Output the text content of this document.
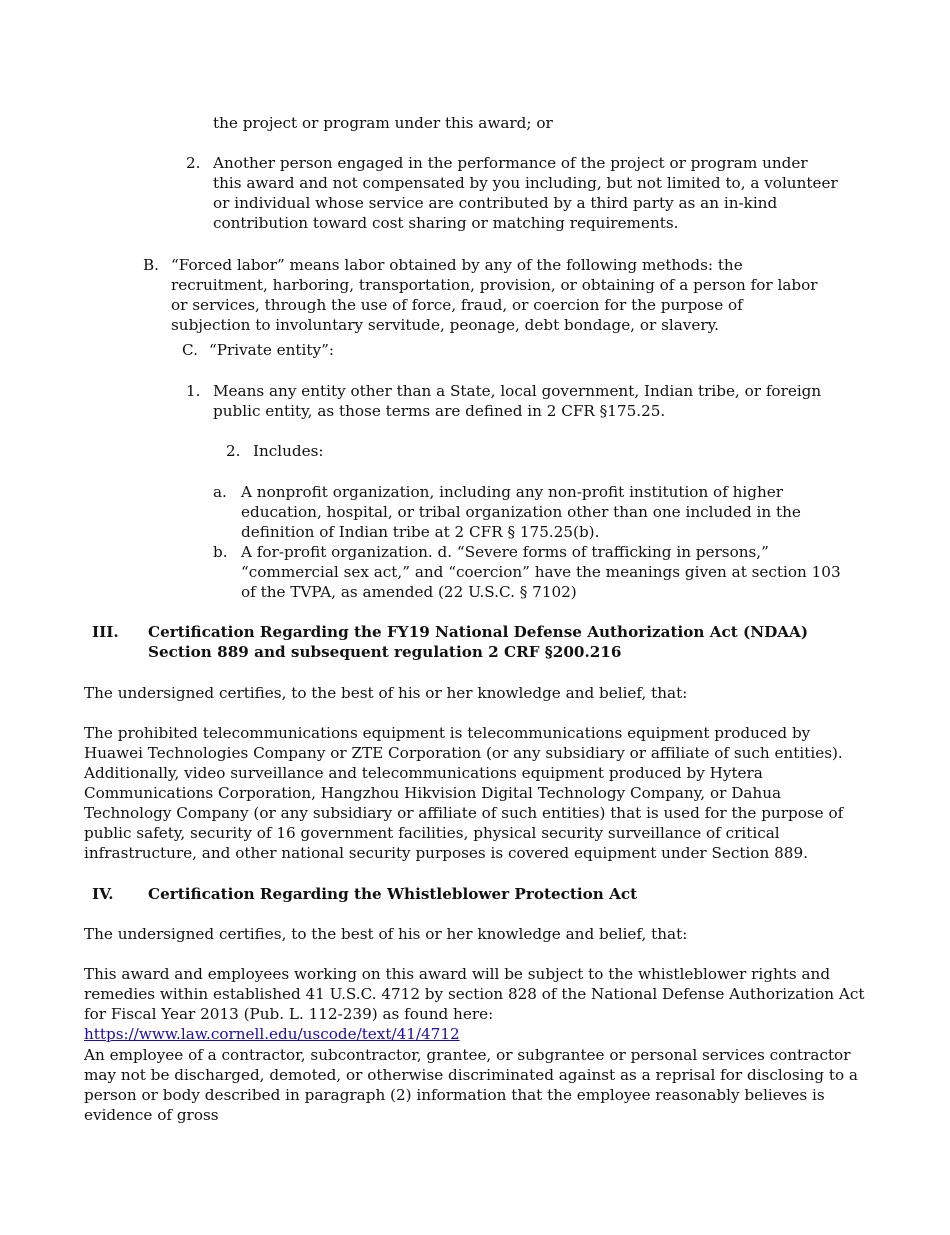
the project or program under this award; or

2. Another person engaged in the performance of the project or program under this award and not compensated by you including, but not limited to, a volunteer or individual whose service are contributed by a third party as an in-kind contribution toward cost sharing or matching requirements.

B. “Forced labor” means labor obtained by any of the following methods: the recruitment, harboring, transportation, provision, or obtaining of a person for labor or services, through the use of force, fraud, or coercion for the purpose of subjection to involuntary servitude, peonage, debt bondage, or slavery.

C. “Private entity”:

1. Means any entity other than a State, local government, Indian tribe, or foreign public entity, as those terms are defined in 2 CFR §175.25.

2. Includes:

a. A nonprofit organization, including any non-profit institution of higher education, hospital, or tribal organization other than one included in the definition of Indian tribe at 2 CFR § 175.25(b).

b. A for-profit organization. d. “Severe forms of trafficking in persons,” “commercial sex act,” and “coercion” have the meanings given at section 103 of the TVPA, as amended (22 U.S.C. § 7102)

III. Certification Regarding the FY19 National Defense Authorization Act (NDAA) Section 889 and subsequent regulation 2 CRF §200.216

The undersigned certifies, to the best of his or her knowledge and belief, that:

The prohibited telecommunications equipment is telecommunications equipment produced by Huawei Technologies Company or ZTE Corporation (or any subsidiary or affiliate of such entities). Additionally, video surveillance and telecommunications equipment produced by Hytera Communications Corporation, Hangzhou Hikvision Digital Technology Company, or Dahua Technology Company (or any subsidiary or affiliate of such entities) that is used for the purpose of public safety, security of 16 government facilities, physical security surveillance of critical infrastructure, and other national security purposes is covered equipment under Section 889.

IV. Certification Regarding the Whistleblower Protection Act

The undersigned certifies, to the best of his or her knowledge and belief, that:

This award and employees working on this award will be subject to the whistleblower rights and remedies within established 41 U.S.C. 4712 by section 828 of the National Defense Authorization Act for Fiscal Year 2013 (Pub. L. 112-239) as found here: https://www.law.cornell.edu/uscode/text/41/4712

An employee of a contractor, subcontractor, grantee, or subgrantee or personal services contractor may not be discharged, demoted, or otherwise discriminated against as a reprisal for disclosing to a person or body described in paragraph (2) information that the employee reasonably believes is evidence of gross
